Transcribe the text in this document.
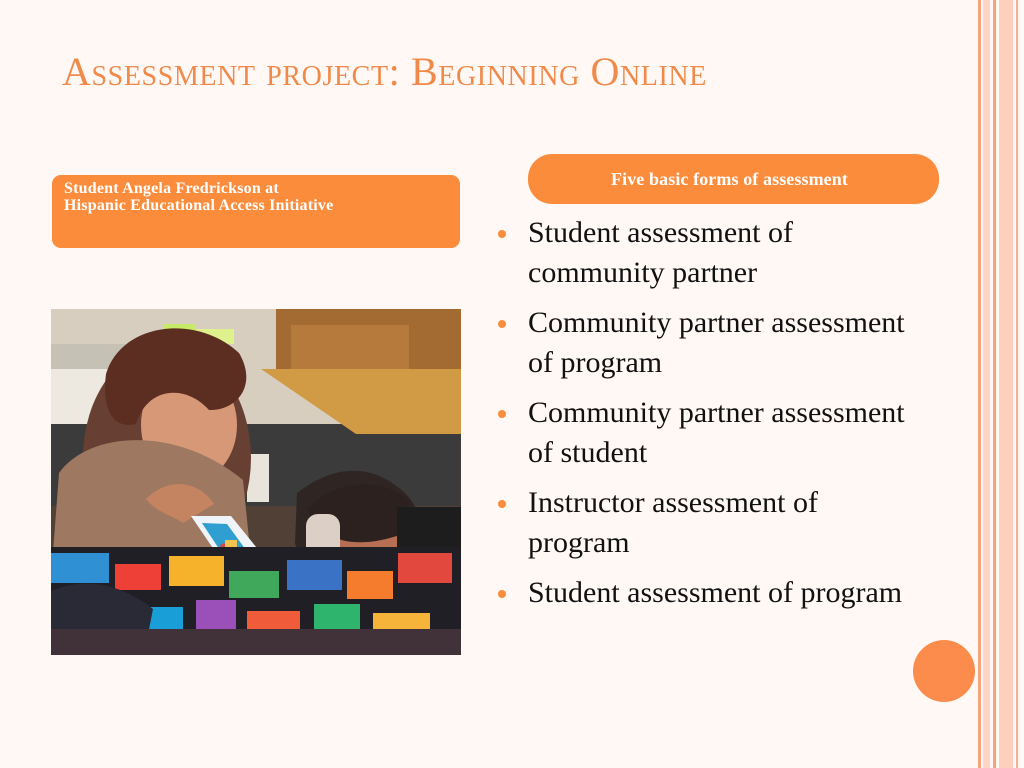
Assessment project: Beginning Online
Student Angela Fredrickson at
Hispanic Educational Access Initiative
Five basic forms of assessment
Student assessment of community partner
Community partner assessment of program
Community partner assessment of student
Instructor assessment of program
Student assessment of program
